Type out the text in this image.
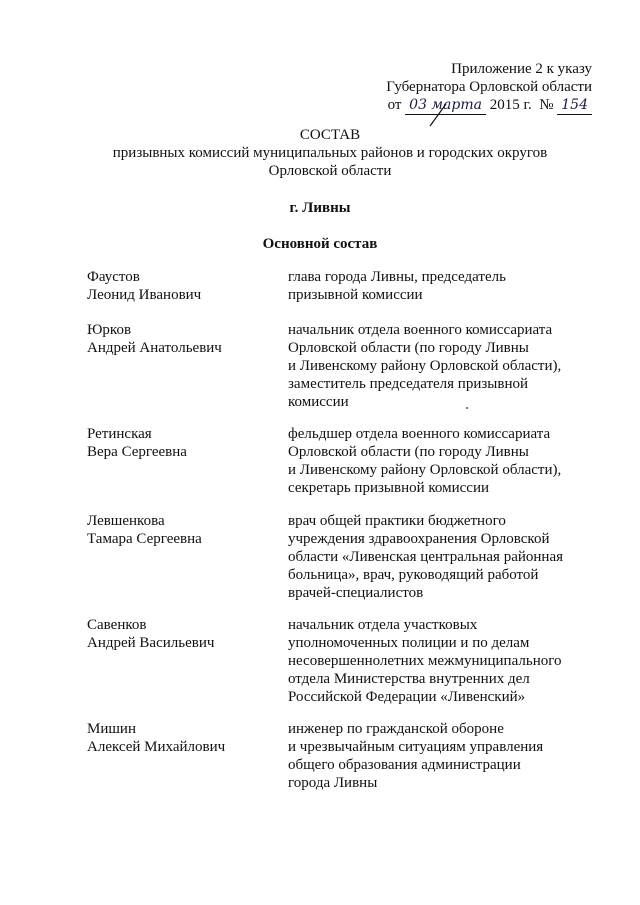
Приложение 2 к указу
Губернатора Орловской области
от 03 марта 2015 г. № 154
СОСТАВ
призывных комиссий муниципальных районов и городских округов
Орловской области
г. Ливны
Основной состав
Фаустов
Леонид Иванович
глава города Ливны, председатель
призывной комиссии
Юрков
Андрей Анатольевич
начальник отдела военного комиссариата
Орловской области (по городу Ливны
и Ливенскому району Орловской области),
заместитель председателя призывной
комиссии
Ретинская
Вера Сергеевна
фельдшер отдела военного комиссариата
Орловской области (по городу Ливны
и Ливенскому району Орловской области),
секретарь призывной комиссии
Левшенкова
Тамара Сергеевна
врач общей практики бюджетного
учреждения здравоохранения Орловской
области «Ливенская центральная районная
больница», врач, руководящий работой
врачей-специалистов
Савенков
Андрей Васильевич
начальник отдела участковых
уполномоченных полиции и по делам
несовершеннолетних межмуниципального
отдела Министерства внутренних дел
Российской Федерации «Ливенский»
Мишин
Алексей Михайлович
инженер по гражданской обороне
и чрезвычайным ситуациям управления
общего образования администрации
города Ливны
